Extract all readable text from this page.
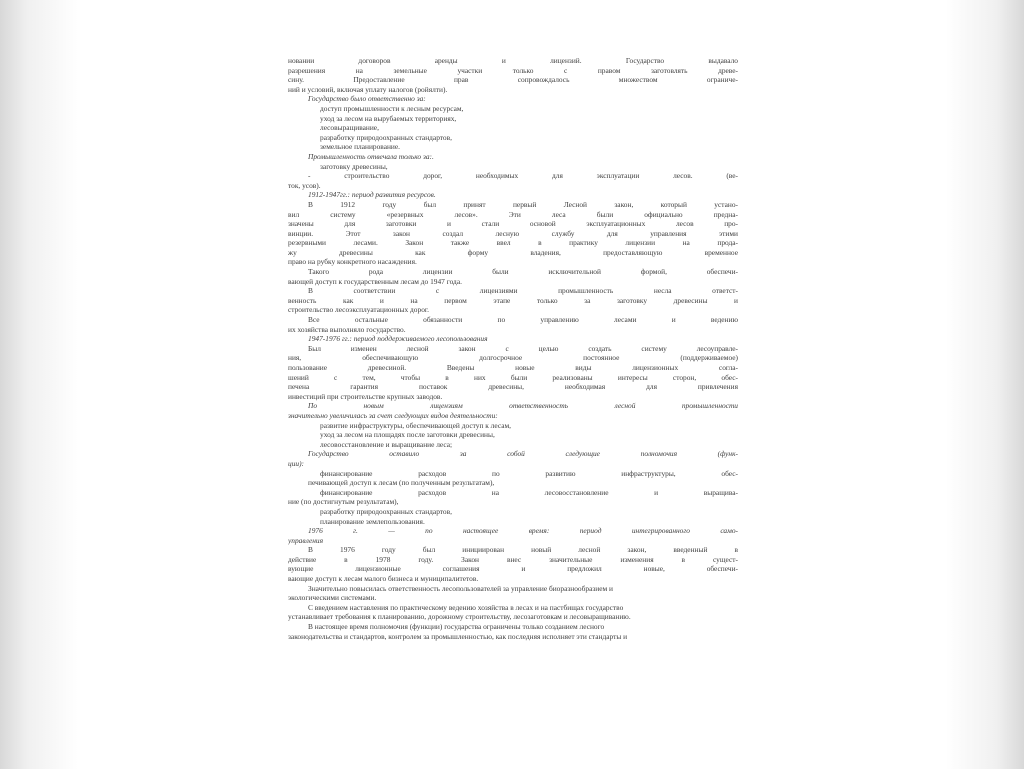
новании договоров аренды и лицензий. Государство выдавало
разрешения на земельные участки только с правом заготовлять древе-
сину. Предоставление прав сопровождалось множеством ограниче-
ний и условий, включая уплату налогов (ройялти).
Государство было ответственно за:
доступ промышленности к лесным ресурсам,
уход за лесом на вырубаемых территориях,
лесовыращивание,
разработку природоохранных стандартов,
земельное планирование.
Промышленность отвечала только за:.
заготовку древесины,
- строительство дорог, необходимых для эксплуатации лесов. (ве-
ток, усов).
1912-1947гг.: период развития ресурсов.
В 1912 году был принят первый Лесной закон, который устано-
вил систему «резервных лесов». Эти леса были официально предна-
значены для заготовки и стали основой эксплуатационных лесов про-
винции. Этот закон создал лесную службу для управления этими
резервными лесами. Закон также ввел в практику лицензии на прода-
жу древесины как форму владения, предоставляющую временное
право на рубку конкретного насаждения.
Такого рода лицензии были исключительной формой, обеспечи-
вающей доступ к государственным лесам до 1947 года.
В соответствии с лицензиями промышленность несла ответст-
венность как и на первом этапе только за заготовку древесины и
строительство лесоэксплуатационных дорог.
Все остальные обязанности по управлению лесами и ведению
их хозяйства выполняло государство.
1947-1976 гг.: период поддерживаемого лесопользования
Был изменен лесной закон с целью создать систему лесоуправле-
ния, обеспечивающую долгосрочное постоянное (поддерживаемое)
пользование древесиной. Введены новые виды лицензионных согла-
шений с тем, чтобы в них были реализованы интересы сторон, обес-
печена гарантия поставок древесины, необходимая для привлечения
инвестиций при строительстве крупных заводов.
По новым лицензиям ответственность лесной промышленности
значительно увеличилась за счет следующих видов деятельности:
развитие инфраструктуры, обеспечивающей доступ к лесам,
уход за лесом на площадях после заготовки древесины,
лесовосстановление и выращивание леса;
Государство оставило за собой следующие полномочия (функ-
ции):
финансирование расходов по развитию инфраструктуры, обес-
печивающей доступ к лесам (по полученным результатам),
финансирование расходов на лесовосстановление и выращива-
ние (по достигнутым результатам),
разработку природоохранных стандартов,
планирование землепользования.
1976 г. — по настоящее время: период интегрированного само-
управления
В 1976 году был инициирован новый лесной закон, введенный в
действие в 1978 году. Закон внес значительные изменения в сущест-
вующие лицензионные соглашения и предложил новые, обеспечи-
вающие доступ к лесам малого бизнеса и муниципалитетов.
Значительно повысилась ответственность лесопользователей за управление биоразнообразием и
экологическими системами.
С введением наставления по практическому ведению хозяйства в лесах и на пастбищах государство
устанавливает требования к планированию, дорожному строительству, лесозаготовкам и лесовыращиванию.
В настоящее время полномочия (функции) государства ограничены только созданием лесного
законодательства и стандартов, контролем за промышленностью, как последняя исполняет эти стандарты и
